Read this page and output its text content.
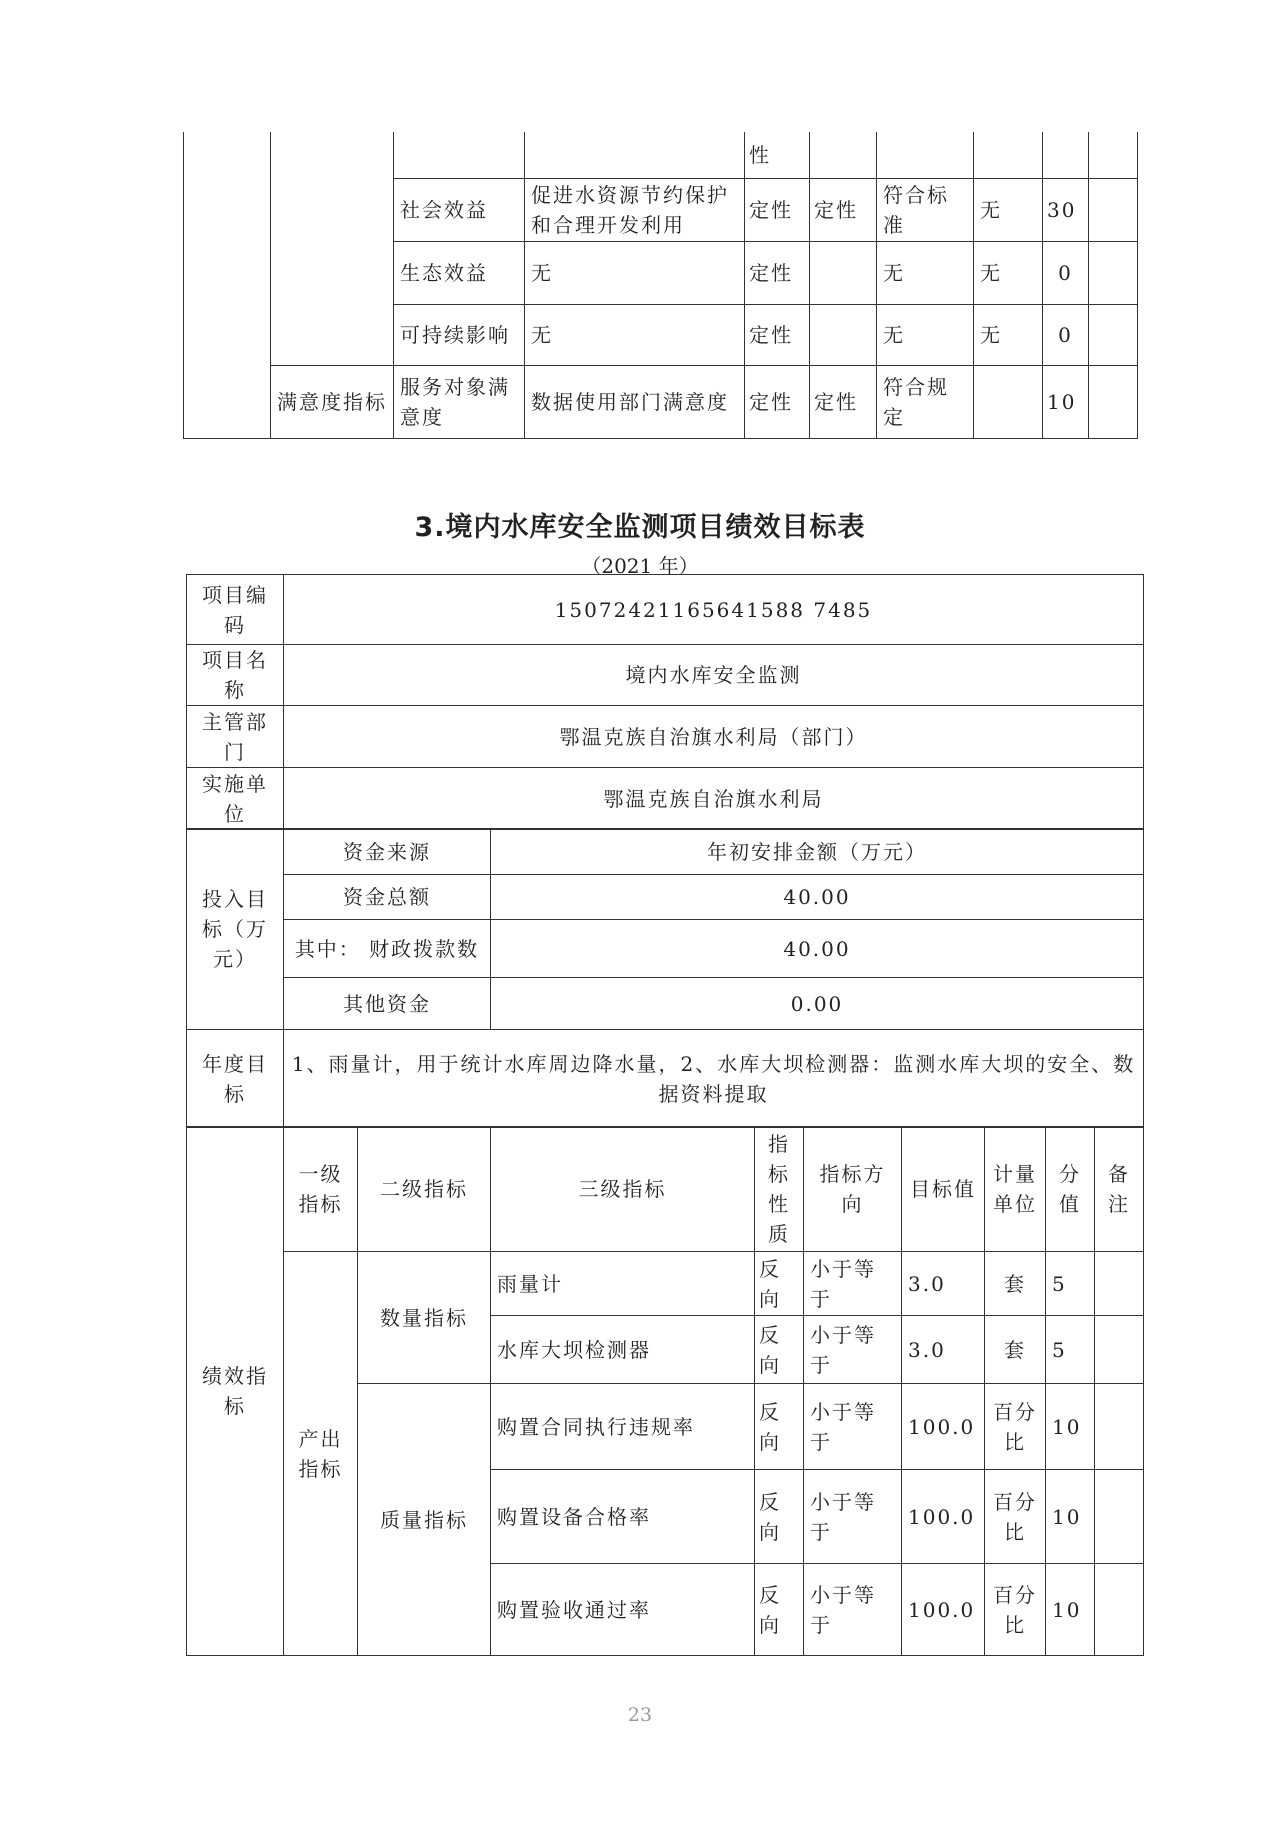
				性					
		社会效益	促进水资源节约保护和合理开发利用	定性	定性	符合标准	无	30	
		生态效益	无	定性		无	无	0	
		可持续影响	无	定性		无	无	0	
	满意度指标	服务对象满意度	数据使用部门满意度	定性	定性	符合规定		10	
3.境内水库安全监测项目绩效目标表
（2021 年）
项目编码	15072421165641588 7485
项目名称	境内水库安全监测
主管部门	鄂温克族自治旗水利局（部门）
实施单位	鄂温克族自治旗水利局
投入目标（万元）	资金来源	年初安排金额（万元）
	资金总额	40.00
	其中： 财政拨款数	40.00
	其他资金	0.00
年度目标	1、雨量计，用于统计水库周边降水量，2、水库大坝检测器：监测水库大坝的安全、数据资料提取
绩效指标	一级指标	二级指标	三级指标	指标性质	指标方向	目标值	计量单位	分值	备注
	产出指标	数量指标	雨量计	反向	小于等于	3.0	套	5	
			水库大坝检测器	反向	小于等于	3.0	套	5	
		质量指标	购置合同执行违规率	反向	小于等于	100.0	百分比	10	
			购置设备合格率	反向	小于等于	100.0	百分比	10	
			购置验收通过率	反向	小于等于	100.0	百分比	10	
23
